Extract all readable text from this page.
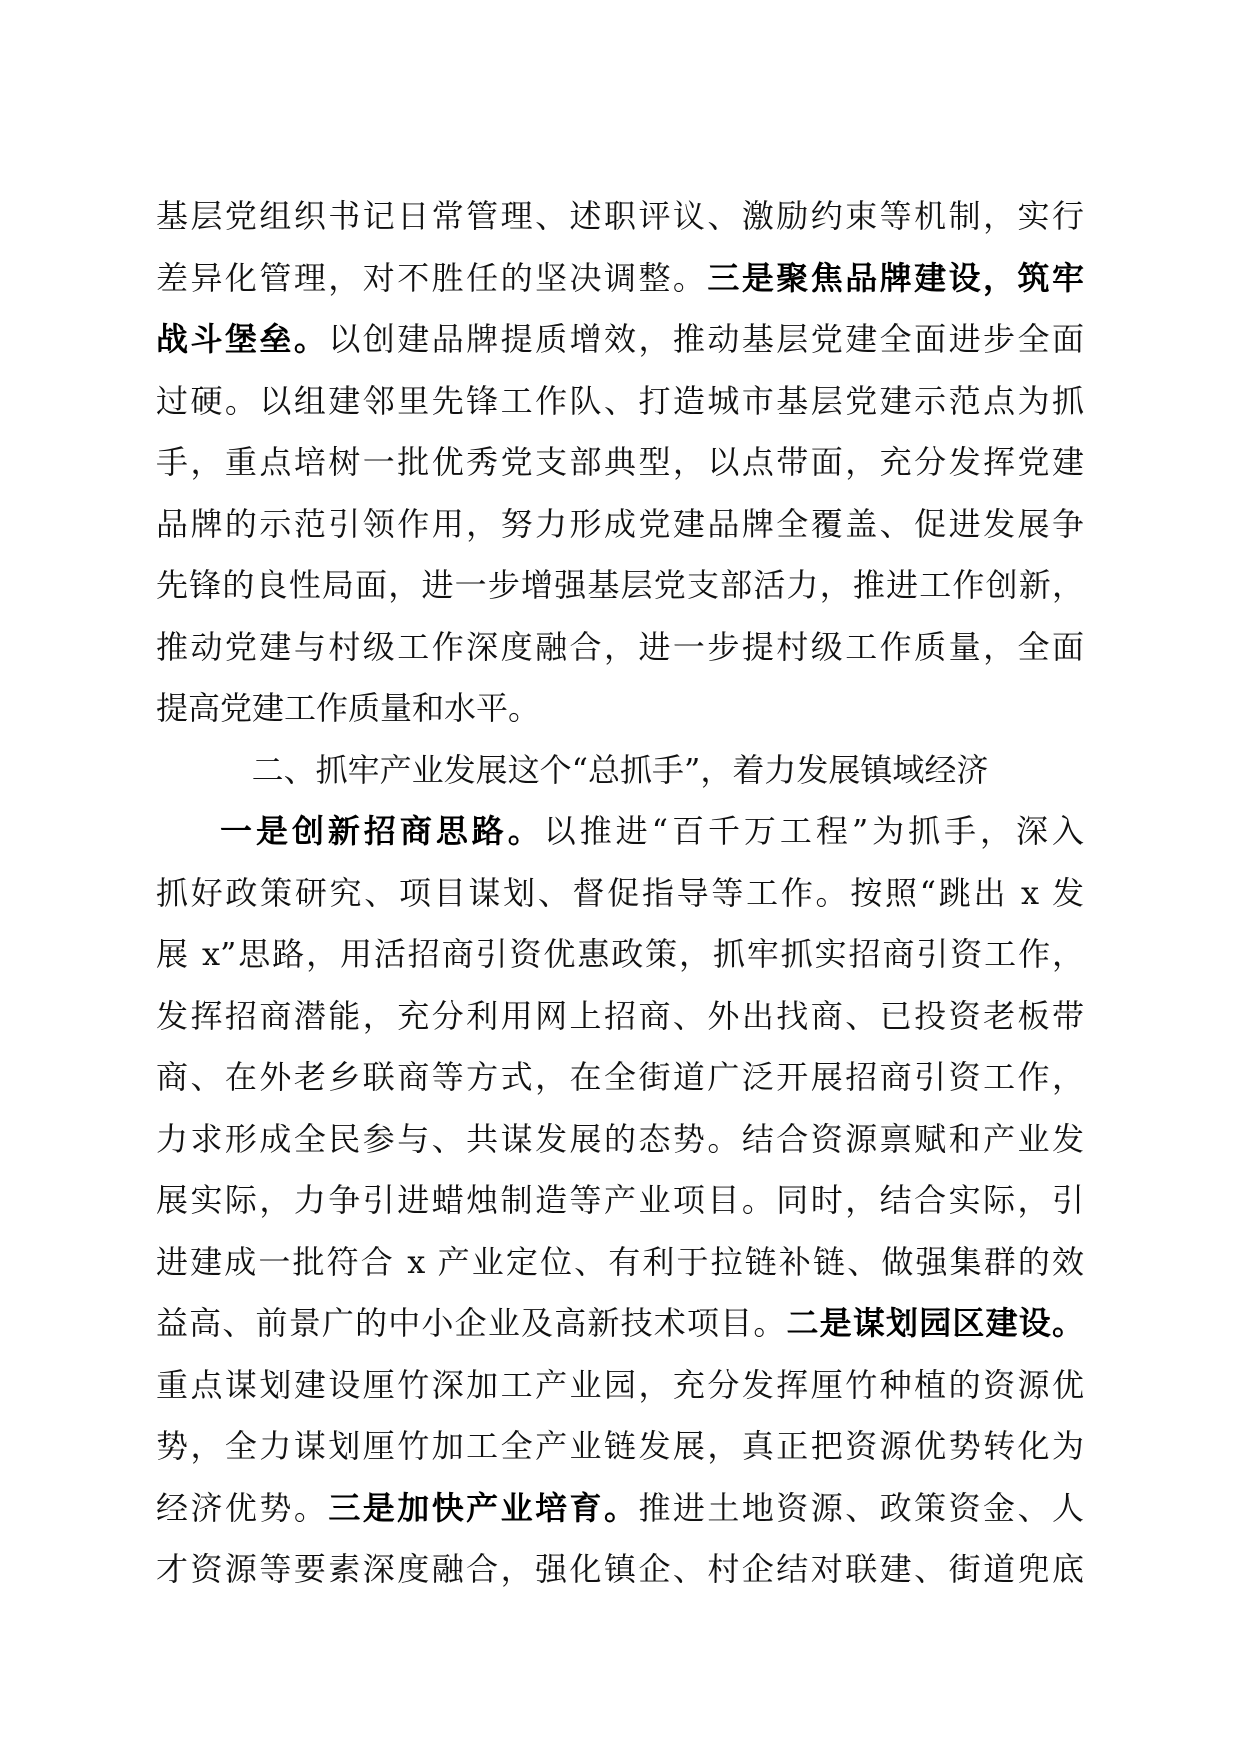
基层党组织书记日常管理、述职评议、激励约束等机制，实行
差异化管理，对不胜任的坚决调整。三是聚焦品牌建设，筑牢
战斗堡垒。以创建品牌提质增效，推动基层党建全面进步全面
过硬。以组建邻里先锋工作队、打造城市基层党建示范点为抓
手，重点培树一批优秀党支部典型，以点带面，充分发挥党建
品牌的示范引领作用，努力形成党建品牌全覆盖、促进发展争
先锋的良性局面，进一步增强基层党支部活力，推进工作创新，
推动党建与村级工作深度融合，进一步提村级工作质量，全面
提高党建工作质量和水平。
二、抓牢产业发展这个“总抓手”，着力发展镇域经济
一是创新招商思路。以推进“百千万工程”为抓手，深入
抓好政策研究、项目谋划、督促指导等工作。按照“跳出 x 发
展 x”思路，用活招商引资优惠政策，抓牢抓实招商引资工作，
发挥招商潜能，充分利用网上招商、外出找商、已投资老板带
商、在外老乡联商等方式，在全街道广泛开展招商引资工作，
力求形成全民参与、共谋发展的态势。结合资源禀赋和产业发
展实际，力争引进蜡烛制造等产业项目。同时，结合实际，引
进建成一批符合 x 产业定位、有利于拉链补链、做强集群的效
益高、前景广的中小企业及高新技术项目。二是谋划园区建设。
重点谋划建设厘竹深加工产业园，充分发挥厘竹种植的资源优
势，全力谋划厘竹加工全产业链发展，真正把资源优势转化为
经济优势。三是加快产业培育。推进土地资源、政策资金、人
才资源等要素深度融合，强化镇企、村企结对联建、街道兜底
